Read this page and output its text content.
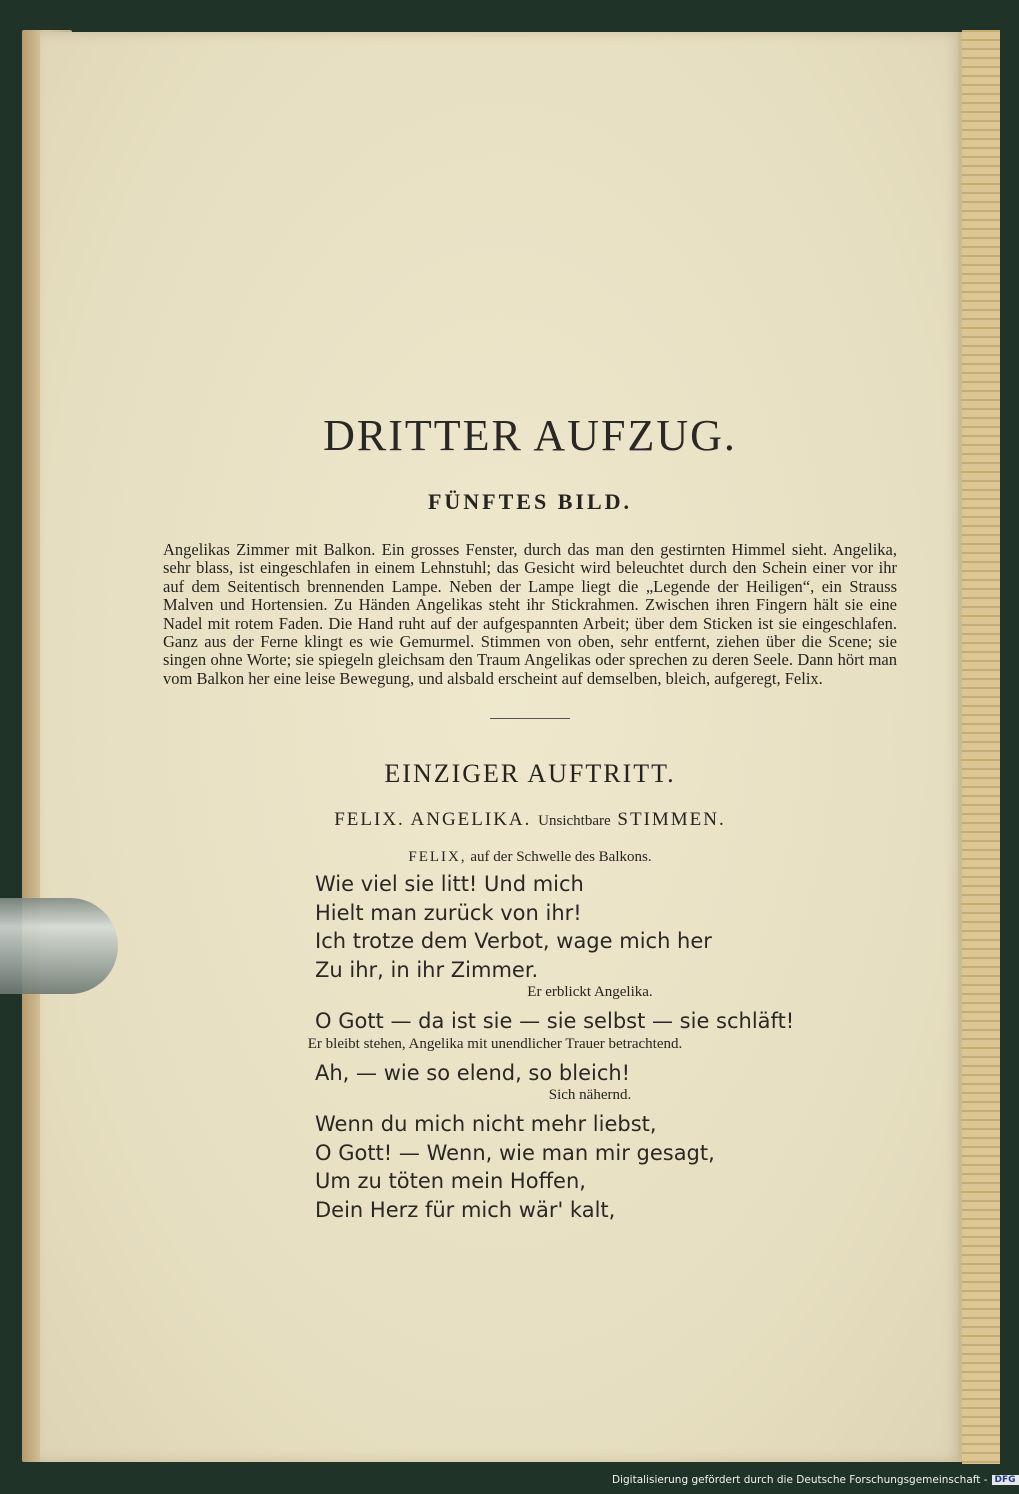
DRITTER AUFZUG.
FÜNFTES BILD.

Angelikas Zimmer mit Balkon. Ein grosses Fenster, durch das man den gestirnten Himmel sieht. Angelika, sehr blass, ist eingeschlafen in einem Lehnstuhl; das Gesicht wird beleuchtet durch den Schein einer vor ihr auf dem Seitentisch brennenden Lampe. Neben der Lampe liegt die „Legende der Heiligen“, ein Strauss Malven und Hortensien. Zu Händen Angelikas steht ihr Stickrahmen. Zwischen ihren Fingern hält sie eine Nadel mit rotem Faden. Die Hand ruht auf der aufgespannten Arbeit; über dem Sticken ist sie eingeschlafen. Ganz aus der Ferne klingt es wie Gemurmel. Stimmen von oben, sehr entfernt, ziehen über die Scene; sie singen ohne Worte; sie spiegeln gleichsam den Traum Angelikas oder sprechen zu deren Seele. Dann hört man vom Balkon her eine leise Bewegung, und alsbald erscheint auf demselben, bleich, aufgeregt, Felix.

EINZIGER AUFTRITT.
FELIX. ANGELIKA. Unsichtbare STIMMEN.
FELIX, auf der Schwelle des Balkons.
Wie viel sie litt! Und mich
Hielt man zurück von ihr!
Ich trotze dem Verbot, wage mich her
Zu ihr, in ihr Zimmer.
Er erblickt Angelika.
O Gott — da ist sie — sie selbst — sie schläft!
Er bleibt stehen, Angelika mit unendlicher Trauer betrachtend.
Ah, — wie so elend, so bleich!
Sich nähernd.
Wenn du mich nicht mehr liebst,
O Gott! — Wenn, wie man mir gesagt,
Um zu töten mein Hoffen,
Dein Herz für mich wär' kalt,
Digitalisierung gefördert durch die Deutsche Forschungsgemeinschaft - DFG
